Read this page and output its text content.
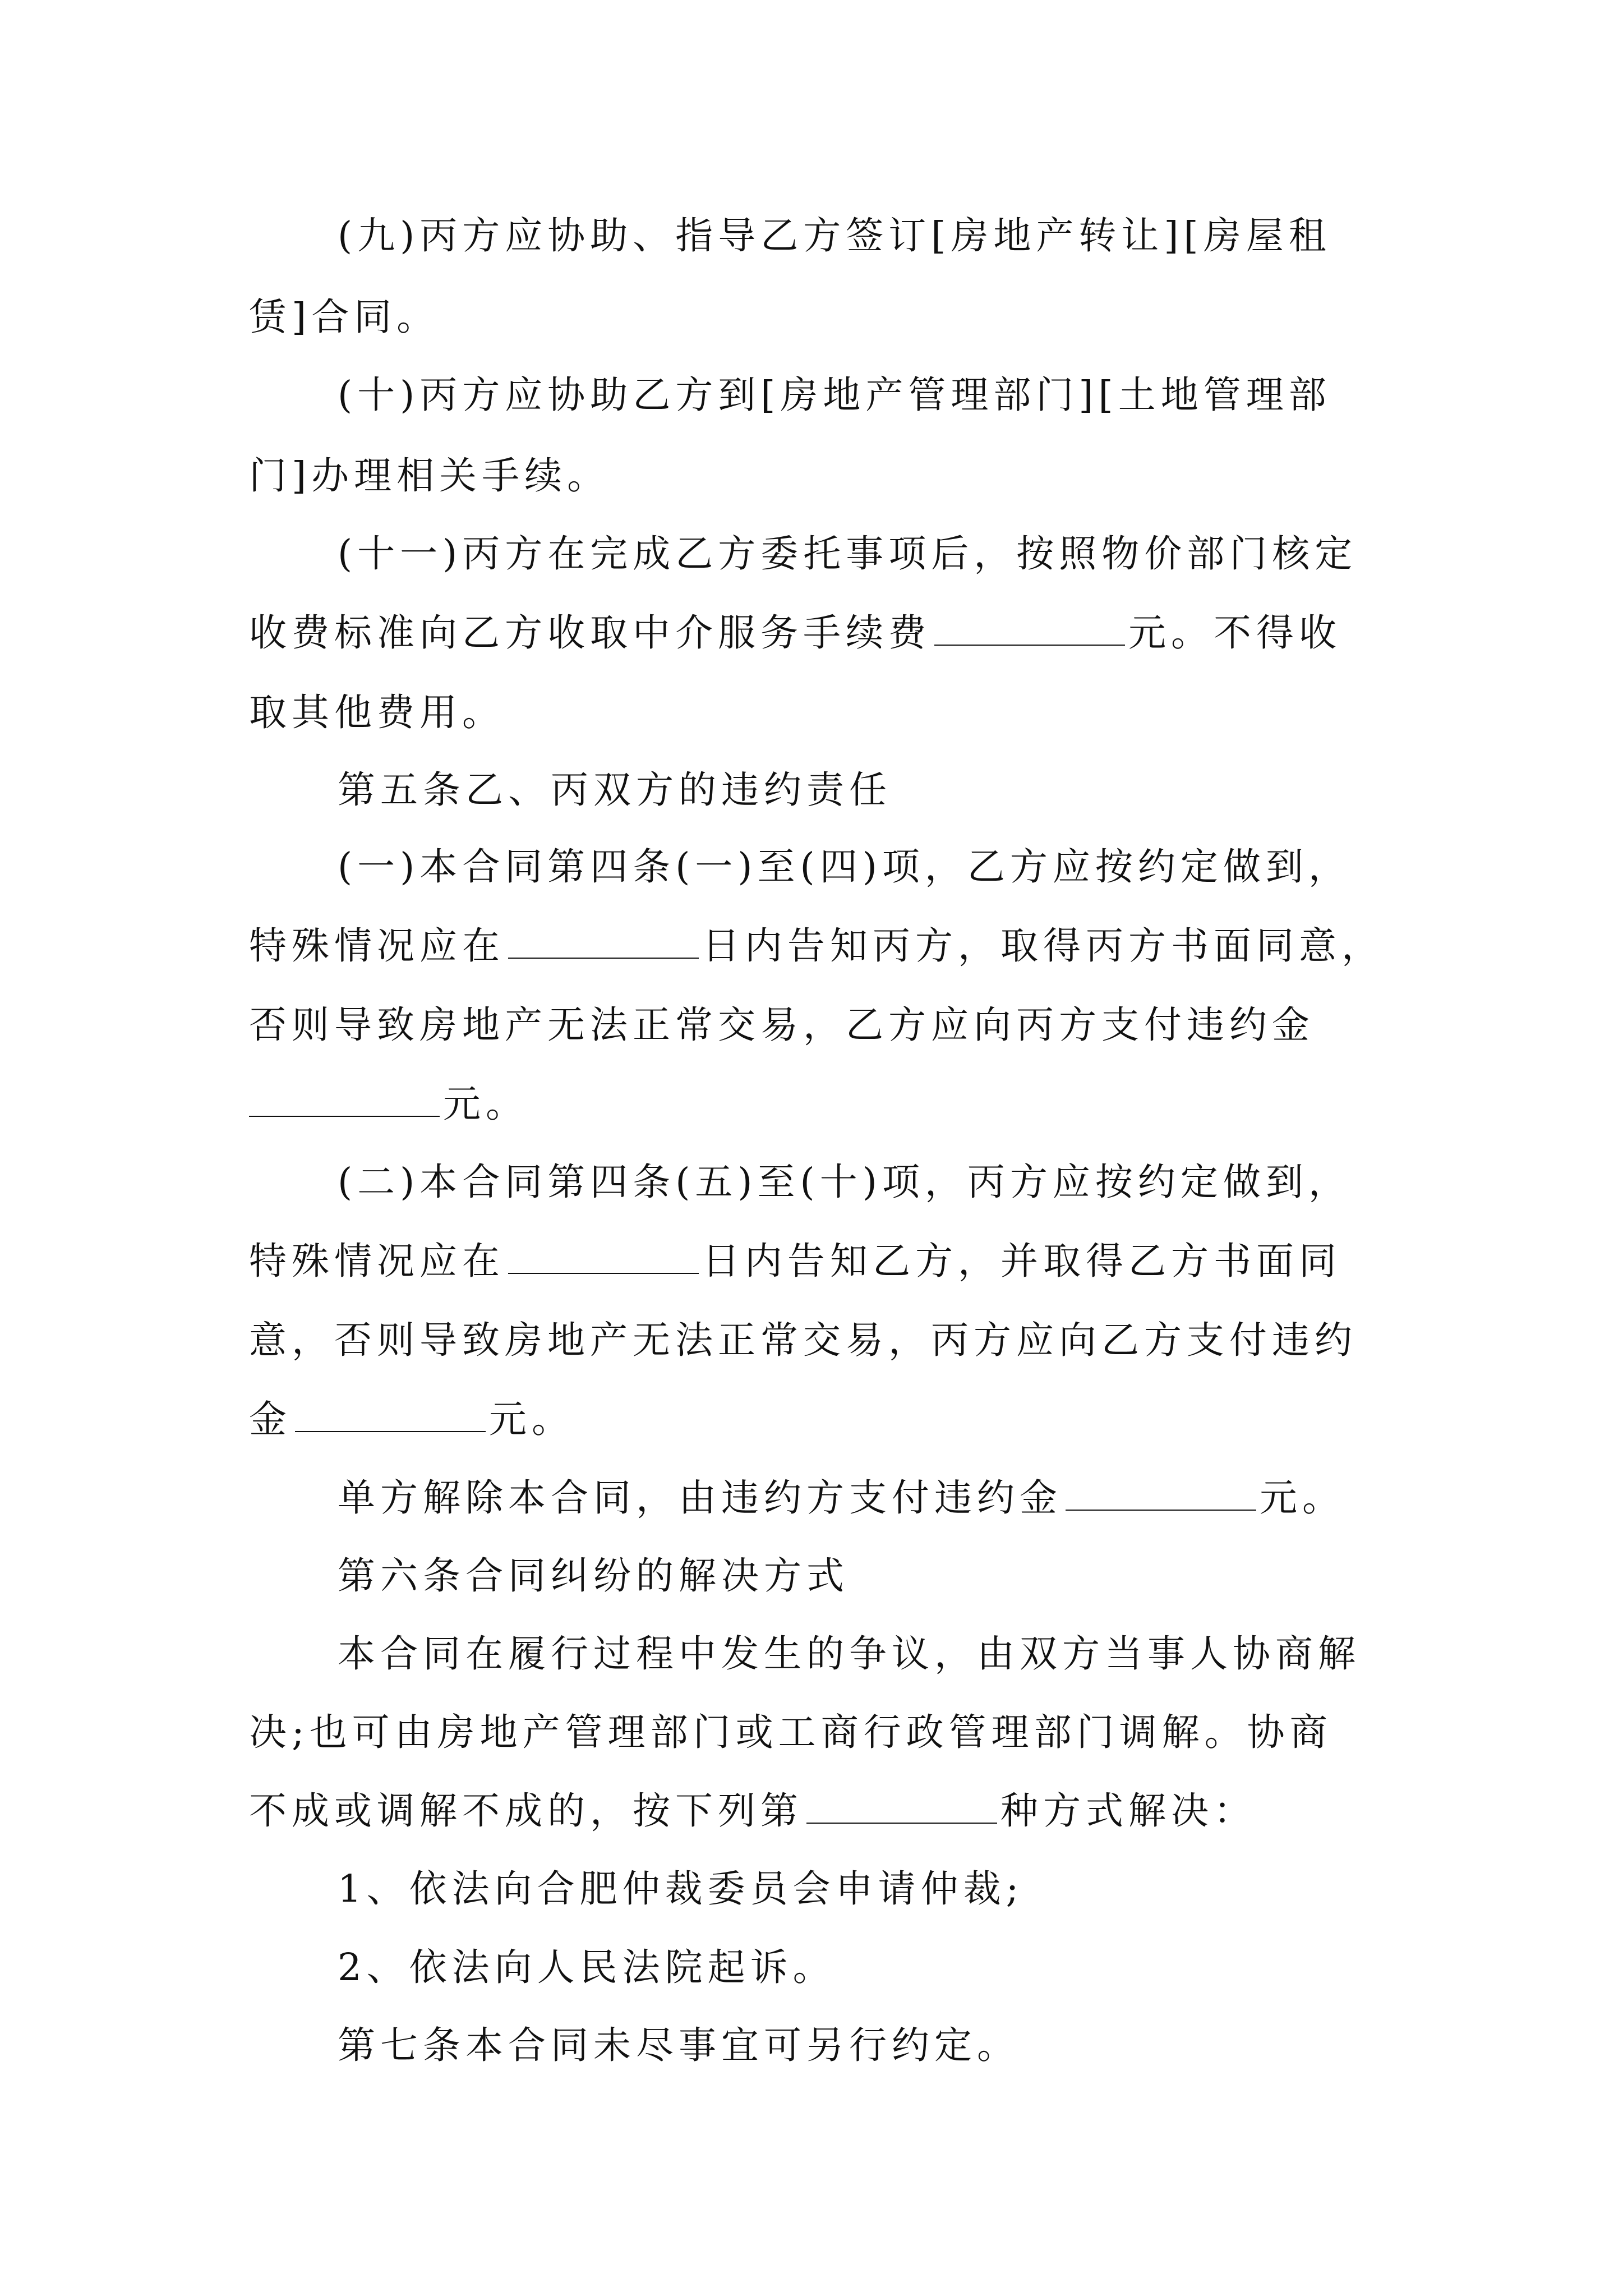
(九)丙方应协助、指导乙方签订[房地产转让][房屋租
赁]合同。
(十)丙方应协助乙方到[房地产管理部门][土地管理部
门]办理相关手续。
(十一)丙方在完成乙方委托事项后，按照物价部门核定
收费标准向乙方收取中介服务手续费	元。不得收
取其他费用。
第五条乙、丙双方的违约责任
(一)本合同第四条(一)至(四)项，乙方应按约定做到，
特殊情况应在	日内告知丙方，取得丙方书面同意，
否则导致房地产无法正常交易，乙方应向丙方支付违约金
元。
(二)本合同第四条(五)至(十)项，丙方应按约定做到，
特殊情况应在	日内告知乙方，并取得乙方书面同
意，否则导致房地产无法正常交易，丙方应向乙方支付违约
金	元。
单方解除本合同，由违约方支付违约金	元。
第六条合同纠纷的解决方式
本合同在履行过程中发生的争议，由双方当事人协商解
决;也可由房地产管理部门或工商行政管理部门调解。协商
不成或调解不成的，按下列第	种方式解决：
1、依法向合肥仲裁委员会申请仲裁;
2、依法向人民法院起诉。
第七条本合同未尽事宜可另行约定。
